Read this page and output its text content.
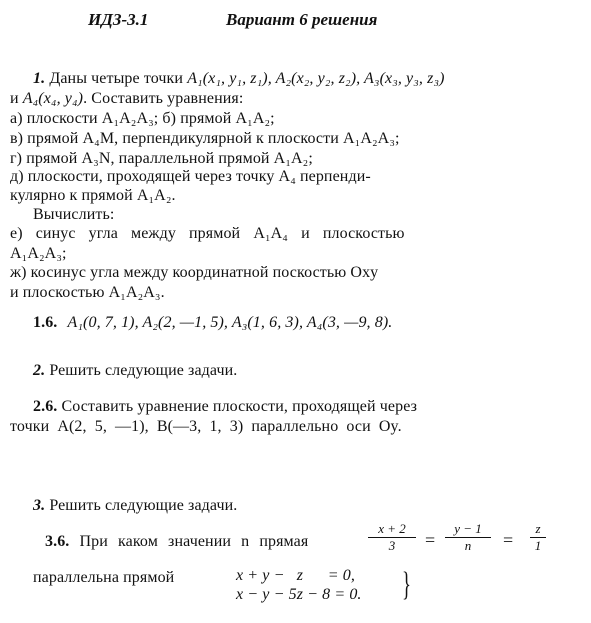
ИДЗ-3.1	Вариант 6 решения
1. Даны четыре точки A₁(x₁, y₁, z₁), A₂(x₂, y₂, z₂), A₃(x₃, y₃, z₃)
и A₄(x₄, y₄). Составить уравнения:
а) плоскости A₁A₂A₃; б) прямой A₁A₂;
в) прямой A₄M, перпендикулярной к плоскости A₁A₂A₃;
г) прямой A₃N, параллельной прямой A₁A₂;
д) плоскости, проходящей через точку A₄ перпенди-
кулярно к прямой A₁A₂.
Вычислить:
е) синус угла между прямой A₁A₄ и плоскостью
A₁A₂A₃;
ж) косинус угла между координатной поскостью Oxy
и плоскостью A₁A₂A₃.
1.6. A₁(0, 7, 1), A₂(2, —1, 5), A₃(1, 6, 3), A₄(3, —9, 8).
2. Решить следующие задачи.
2.6. Составить уравнение плоскости, проходящей через
точки A(2, 5, —1), B(—3, 1, 3) параллельно оси Oy.
3. Решить следующие задачи.
3.6. При каком значении n прямая
x + 2
3	=
y − 1
n	=
z
1
параллельна прямой	x + y −   z      = 0,
x − y − 5z − 8 = 0. }
